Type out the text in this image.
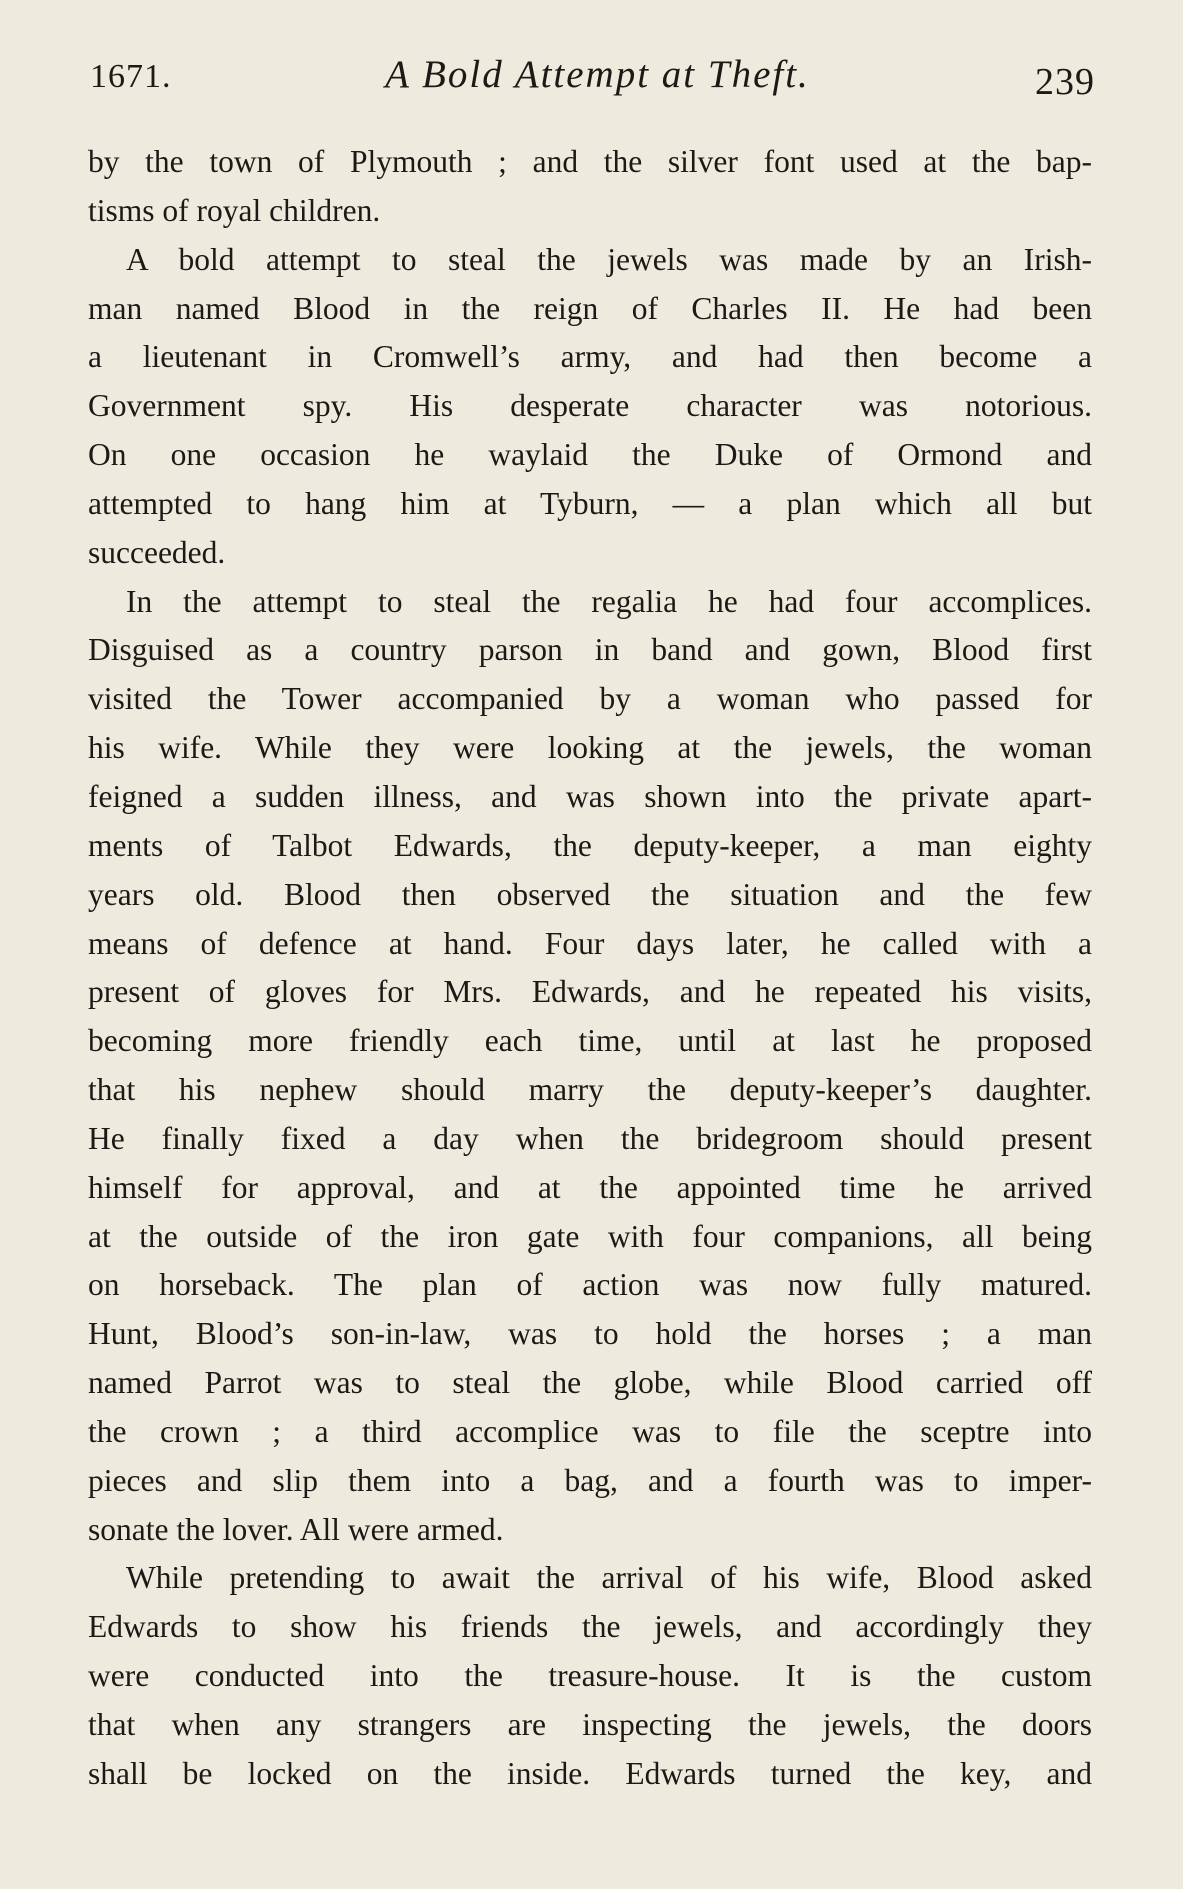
1671.	A Bold Attempt at Theft.	239
by the town of Plymouth ; and the silver font used at the bap-
tisms of royal children.
A bold attempt to steal the jewels was made by an Irish-
man named Blood in the reign of Charles II. He had been
a lieutenant in Cromwell’s army, and had then become a
Government spy. His desperate character was notorious.
On one occasion he waylaid the Duke of Ormond and
attempted to hang him at Tyburn, — a plan which all but
succeeded.
In the attempt to steal the regalia he had four accomplices.
Disguised as a country parson in band and gown, Blood first
visited the Tower accompanied by a woman who passed for
his wife. While they were looking at the jewels, the woman
feigned a sudden illness, and was shown into the private apart-
ments of Talbot Edwards, the deputy-keeper, a man eighty
years old. Blood then observed the situation and the few
means of defence at hand. Four days later, he called with a
present of gloves for Mrs. Edwards, and he repeated his visits,
becoming more friendly each time, until at last he proposed
that his nephew should marry the deputy-keeper’s daughter.
He finally fixed a day when the bridegroom should present
himself for approval, and at the appointed time he arrived
at the outside of the iron gate with four companions, all being
on horseback. The plan of action was now fully matured.
Hunt, Blood’s son-in-law, was to hold the horses ; a man
named Parrot was to steal the globe, while Blood carried off
the crown ; a third accomplice was to file the sceptre into
pieces and slip them into a bag, and a fourth was to imper-
sonate the lover. All were armed.
While pretending to await the arrival of his wife, Blood asked
Edwards to show his friends the jewels, and accordingly they
were conducted into the treasure-house. It is the custom
that when any strangers are inspecting the jewels, the doors
shall be locked on the inside. Edwards turned the key, and
